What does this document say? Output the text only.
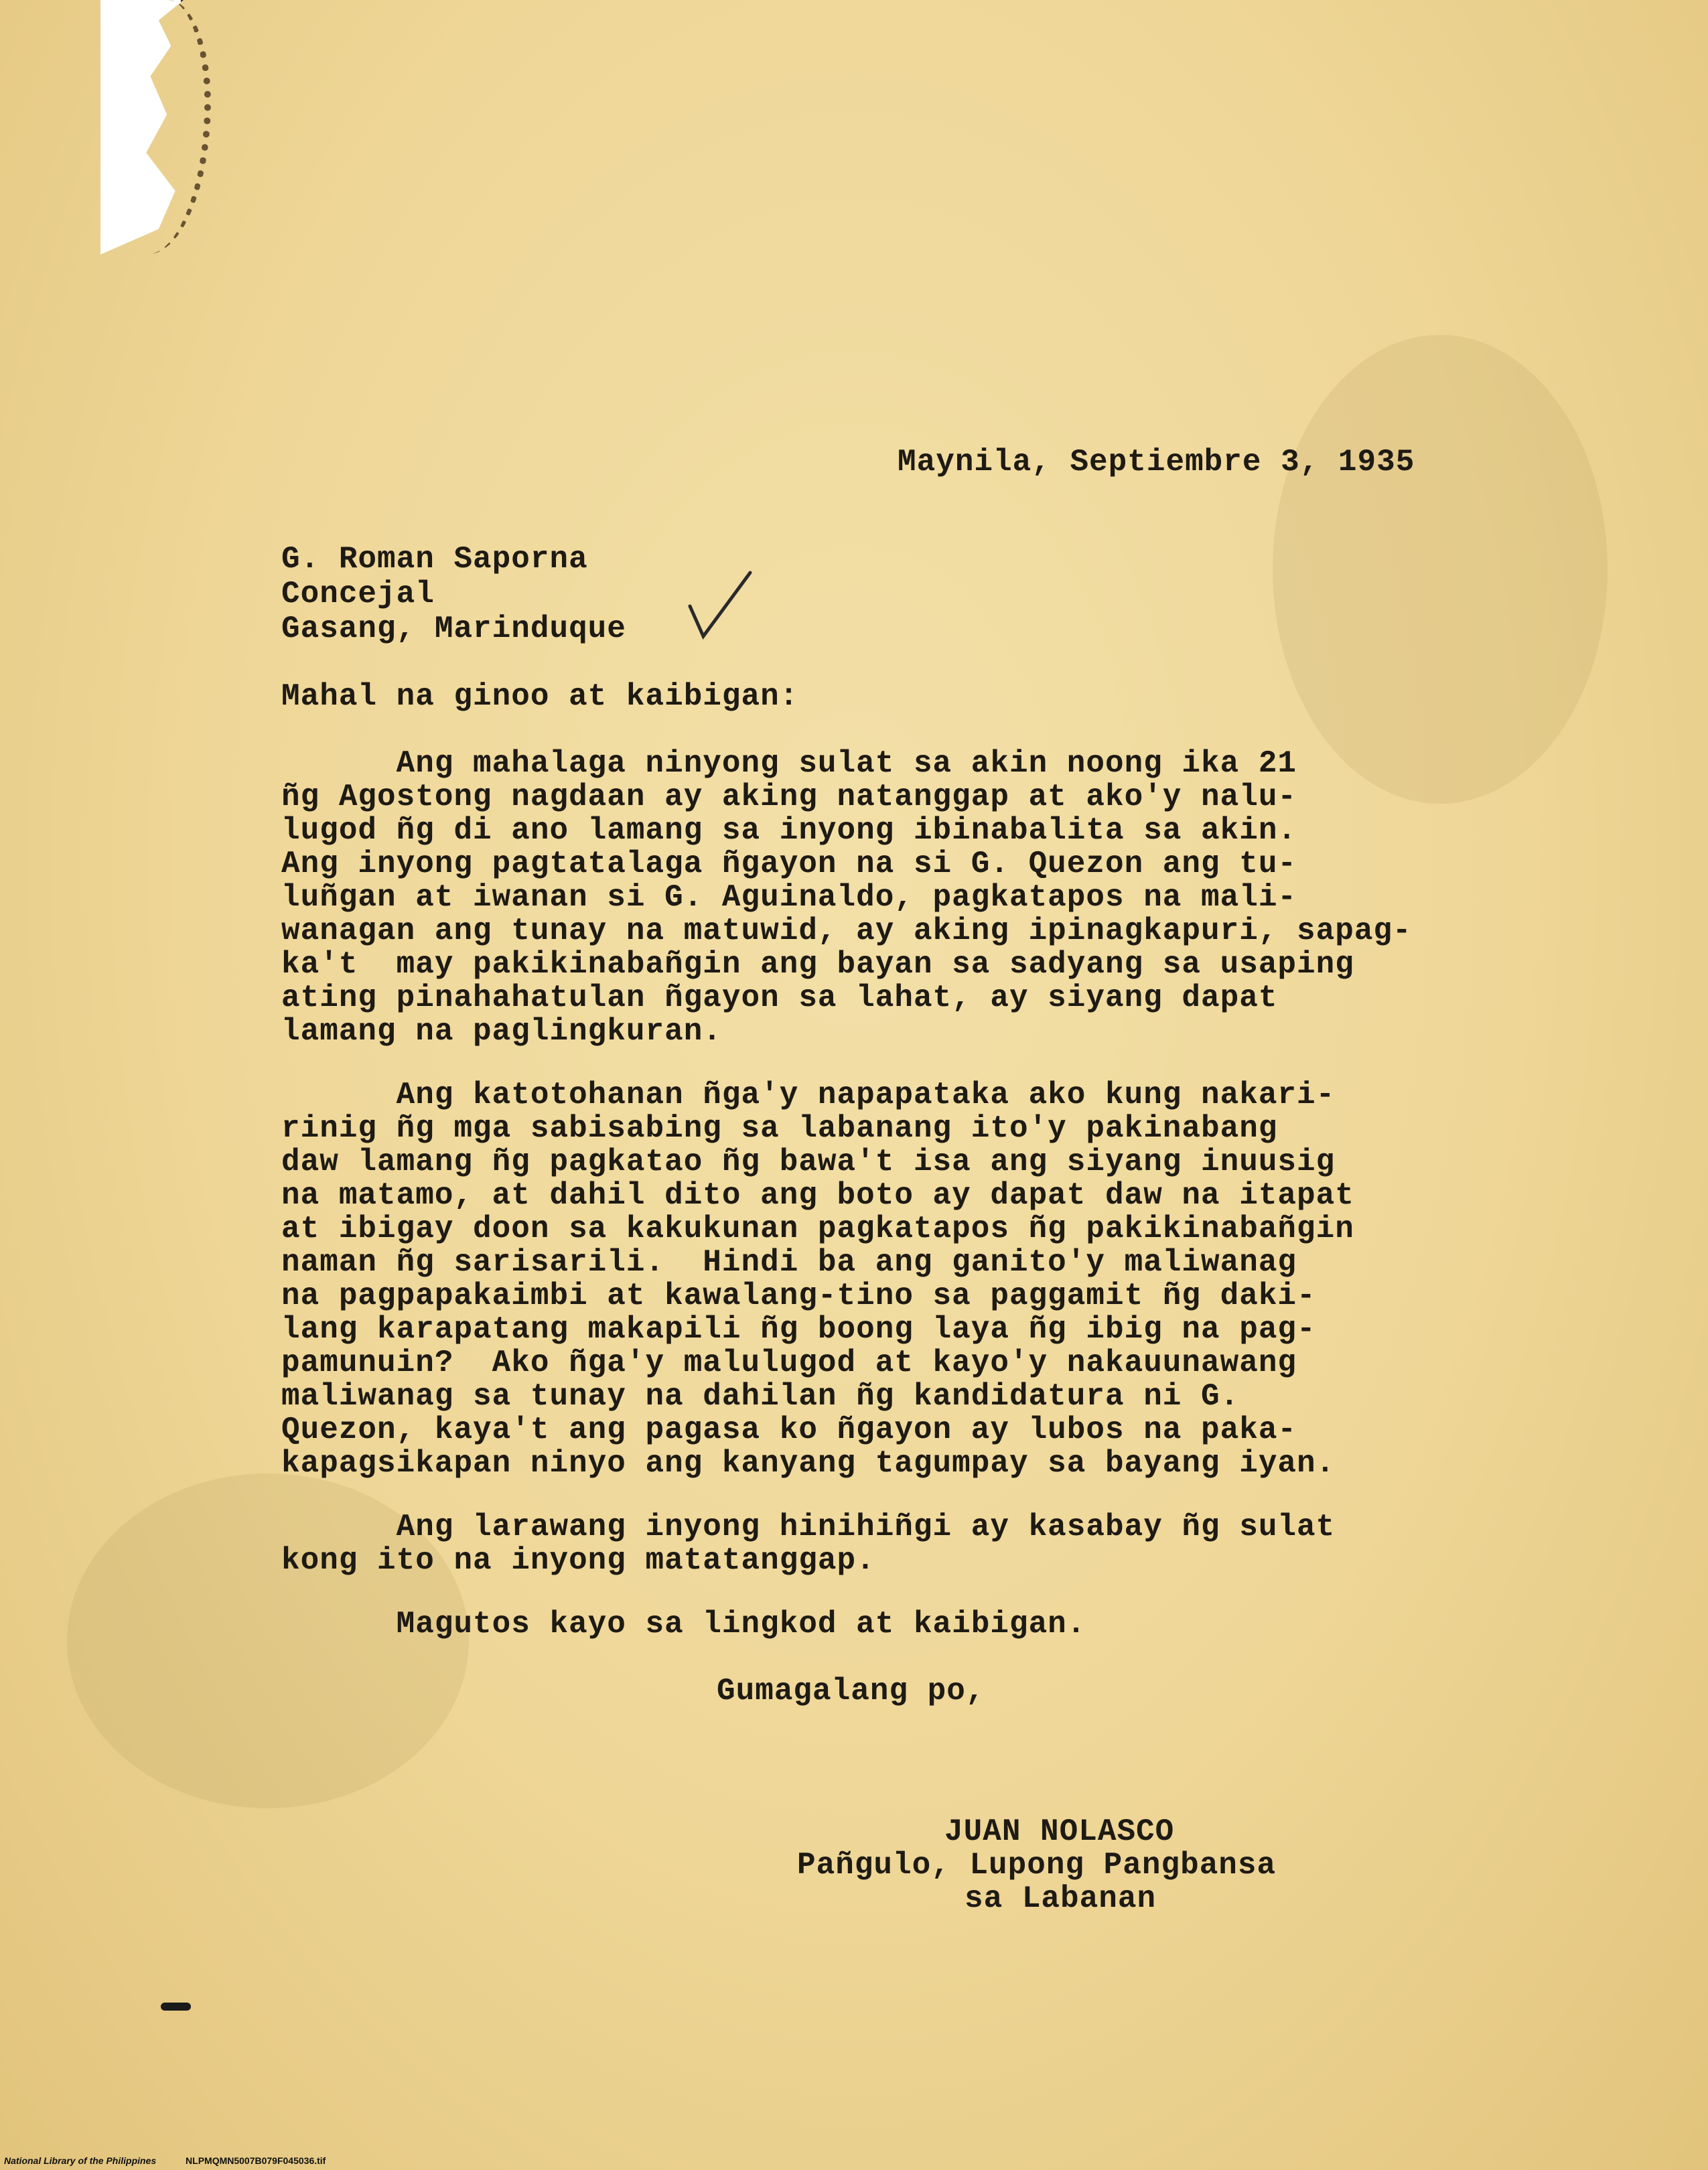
Maynila, Septiembre 3, 1935
G. Roman Saporna
Concejal
Gasang, Marinduque
Mahal na ginoo at kaibigan:
Ang mahalaga ninyong sulat sa akin noong ika 21
ñg Agostong nagdaan ay aking natanggap at ako'y nalu-
lugod ñg di ano lamang sa inyong ibinabalita sa akin.
Ang inyong pagtatalaga ñgayon na si G. Quezon ang tu-
luñgan at iwanan si G. Aguinaldo, pagkatapos na mali-
wanagan ang tunay na matuwid, ay aking ipinagkapuri, sapag-
ka't  may pakikinabañgin ang bayan sa sadyang sa usaping
ating pinahahatulan ñgayon sa lahat, ay siyang dapat
lamang na paglingkuran.
Ang katotohanan ñga'y napapataka ako kung nakari-
rinig ñg mga sabisabing sa labanang ito'y pakinabang
daw lamang ñg pagkatao ñg bawa't isa ang siyang inuusig
na matamo, at dahil dito ang boto ay dapat daw na itapat
at ibigay doon sa kakukunan pagkatapos ñg pakikinabañgin
naman ñg sarisarili.  Hindi ba ang ganito'y maliwanag
na pagpapakaimbi at kawalang-tino sa paggamit ñg daki-
lang karapatang makapili ñg boong laya ñg ibig na pag-
pamunuin?  Ako ñga'y malulugod at kayo'y nakauunawang
maliwanag sa tunay na dahilan ñg kandidatura ni G.
Quezon, kaya't ang pagasa ko ñgayon ay lubos na paka-
kapagsikapan ninyo ang kanyang tagumpay sa bayang iyan.
Ang larawang inyong hinihiñgi ay kasabay ñg sulat
kong ito na inyong matatanggap.
Magutos kayo sa lingkod at kaibigan.
Gumagalang po,
JUAN NOLASCO
Pañgulo, Lupong Pangbansa
sa Labanan
National Library of the Philippines	NLPMQMN5007B079F045036.tif
